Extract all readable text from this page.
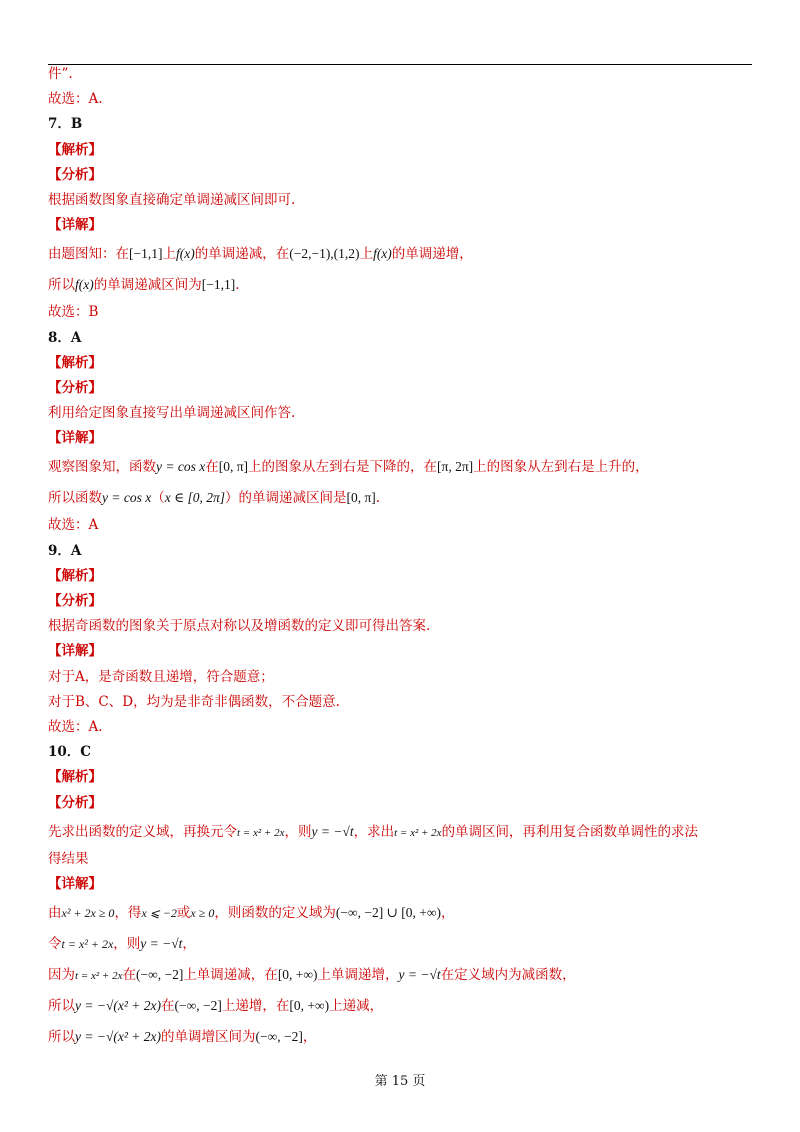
件”.
故选：A.
7．B
【解析】
【分析】
根据函数图象直接确定单调递减区间即可.
【详解】
由题图知：在[−1,1]上f(x)的单调递减，在(−2,−1),(1,2)上f(x)的单调递增，
所以f(x)的单调递减区间为[−1,1].
故选：B
8．A
【解析】
【分析】
利用给定图象直接写出单调递减区间作答.
【详解】
观察图象知，函数y = cos x在[0, π]上的图象从左到右是下降的，在[π, 2π]上的图象从左到右是上升的，
所以函数y = cos x（x ∈ [0, 2π]）的单调递减区间是[0, π].
故选：A
9．A
【解析】
【分析】
根据奇函数的图象关于原点对称以及增函数的定义即可得出答案.
【详解】
对于A，是奇函数且递增，符合题意；
对于B、C、D，均为是非奇非偶函数，不合题意.
故选：A.
10．C
【解析】
【分析】
先求出函数的定义域，再换元令t = x² + 2x，则y = −√t，求出t = x² + 2x的单调区间，再利用复合函数单调性的求法
得结果
【详解】
由x² + 2x ≥ 0，得x ⩽ −2或x ≥ 0，则函数的定义域为(−∞, −2] ∪ [0, +∞)，
令t = x² + 2x，则y = −√t，
因为t = x² + 2x在(−∞, −2]上单调递减，在[0, +∞)上单调递增，y = −√t在定义域内为减函数，
所以y = −√(x² + 2x)在(−∞, −2]上递增，在[0, +∞)上递减，
所以y = −√(x² + 2x)的单调增区间为(−∞, −2]，
第 15 页
